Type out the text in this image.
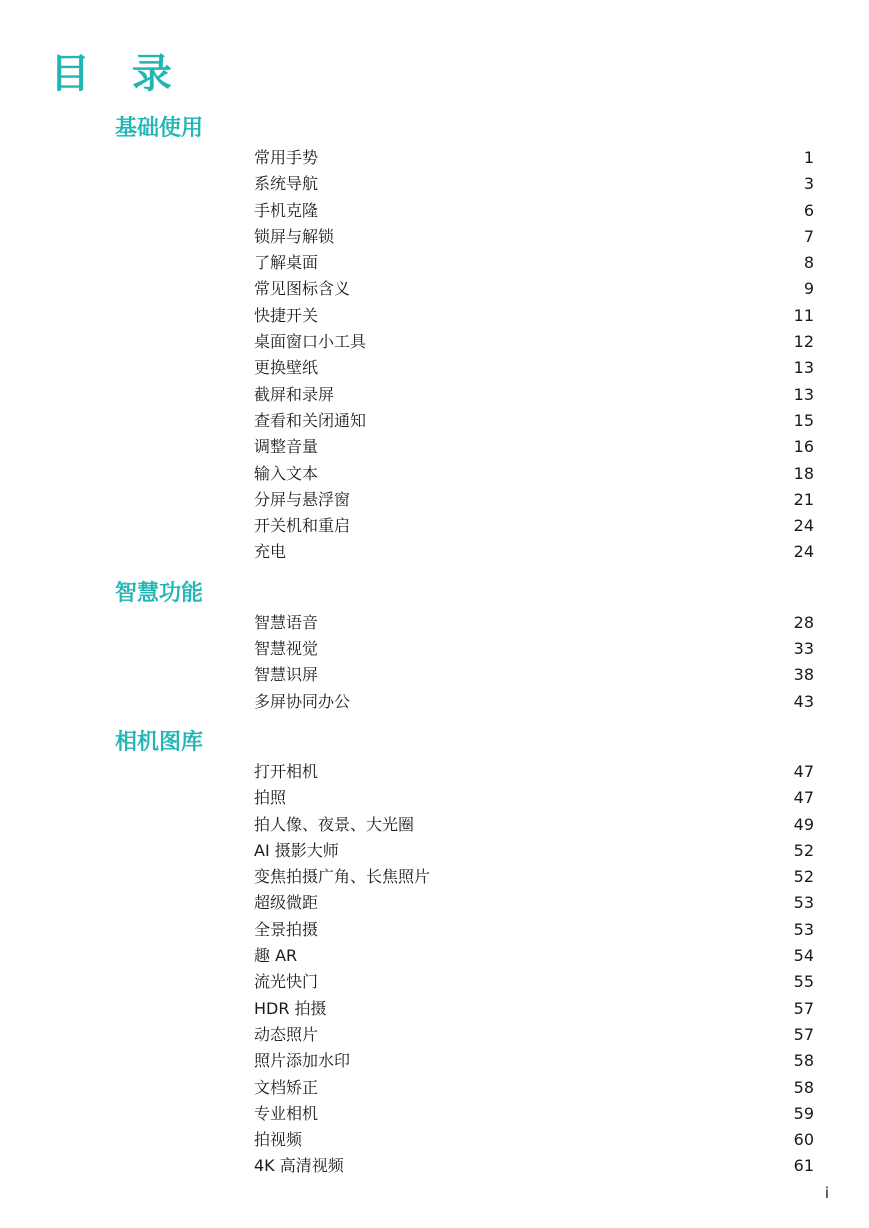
目 录
基础使用
常用手势	1
系统导航	3
手机克隆	6
锁屏与解锁	7
了解桌面	8
常见图标含义	9
快捷开关	11
桌面窗口小工具	12
更换壁纸	13
截屏和录屏	13
查看和关闭通知	15
调整音量	16
输入文本	18
分屏与悬浮窗	21
开关机和重启	24
充电	24
智慧功能
智慧语音	28
智慧视觉	33
智慧识屏	38
多屏协同办公	43
相机图库
打开相机	47
拍照	47
拍人像、夜景、大光圈	49
AI 摄影大师	52
变焦拍摄广角、长焦照片	52
超级微距	53
全景拍摄	53
趣 AR	54
流光快门	55
HDR 拍摄	57
动态照片	57
照片添加水印	58
文档矫正	58
专业相机	59
拍视频	60
4K 高清视频	61
i
